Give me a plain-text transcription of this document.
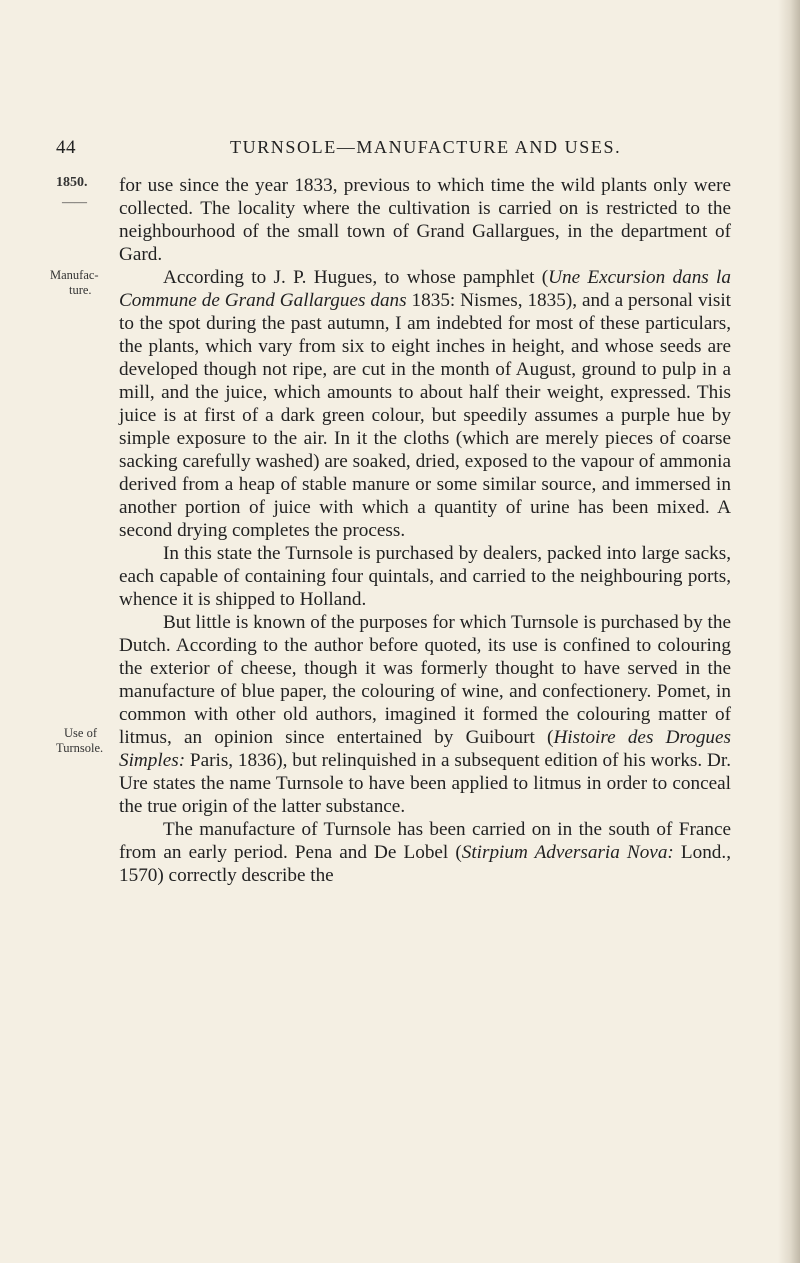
44	TURNSOLE—MANUFACTURE AND USES.
1850.
——
Manufac-
ture.
Use of
Turnsole.

for use since the year 1833, previous to which time the wild plants only were collected. The locality where the cultivation is carried on is restricted to the neighbourhood of the small town of Grand Gallargues, in the department of Gard.

According to J. P. Hugues, to whose pamphlet (Une Excursion dans la Commune de Grand Gallargues dans 1835: Nismes, 1835), and a personal visit to the spot during the past autumn, I am indebted for most of these particulars, the plants, which vary from six to eight inches in height, and whose seeds are developed though not ripe, are cut in the month of August, ground to pulp in a mill, and the juice, which amounts to about half their weight, expressed. This juice is at first of a dark green colour, but speedily assumes a purple hue by simple exposure to the air. In it the cloths (which are merely pieces of coarse sacking carefully washed) are soaked, dried, exposed to the vapour of ammonia derived from a heap of stable manure or some similar source, and immersed in another portion of juice with which a quantity of urine has been mixed. A second drying completes the process.

In this state the Turnsole is purchased by dealers, packed into large sacks, each capable of containing four quintals, and carried to the neighbouring ports, whence it is shipped to Holland.

But little is known of the purposes for which Turnsole is purchased by the Dutch. According to the author before quoted, its use is confined to colouring the exterior of cheese, though it was formerly thought to have served in the manufacture of blue paper, the colouring of wine, and confectionery. Pomet, in common with other old authors, imagined it formed the colouring matter of litmus, an opinion since entertained by Guibourt (Histoire des Drogues Simples: Paris, 1836), but relinquished in a subsequent edition of his works. Dr. Ure states the name Turnsole to have been applied to litmus in order to conceal the true origin of the latter substance.

The manufacture of Turnsole has been carried on in the south of France from an early period. Pena and De Lobel (Stirpium Adversaria Nova: Lond., 1570) correctly describe the
